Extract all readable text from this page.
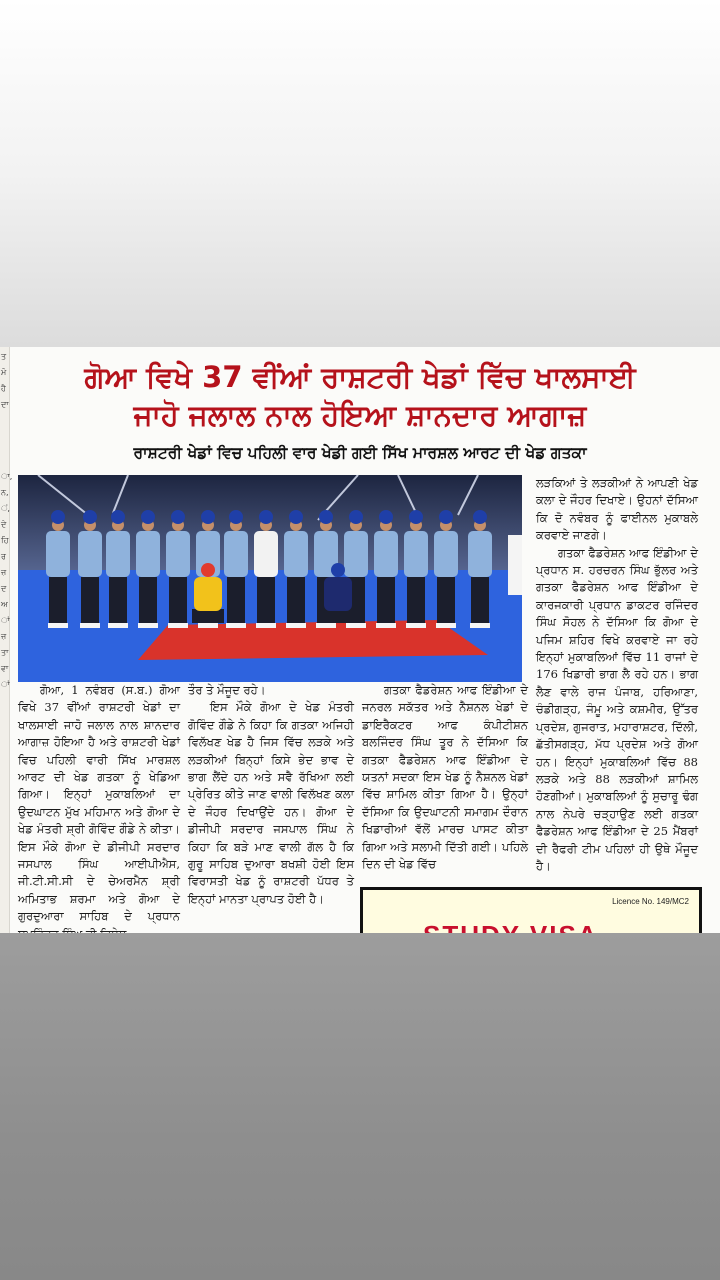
ਤ
ਮੋ
ਹੈ
ਦਾ
ਾ,
ਨ,
ਂ,
ਦੇ
ਹਿ
ਰ
ਜ਼
ਦ
ਅ
ਾਂ
ਜ਼
ਤਾ
ਵਾ
ਾਂ
ਗੋਆ ਵਿਖੇ 37 ਵੀਂਆਂ ਰਾਸ਼ਟਰੀ ਖੇਡਾਂ ਵਿੱਚ ਖਾਲਸਾਈ
ਜਾਹੋ ਜਲਾਲ ਨਾਲ ਹੋਇਆ ਸ਼ਾਨਦਾਰ ਆਗਾਜ਼
ਰਾਸ਼ਟਰੀ ਖੇਡਾਂ ਵਿਚ ਪਹਿਲੀ ਵਾਰ ਖੇਡੀ ਗਈ ਸਿੱਖ ਮਾਰਸ਼ਲ ਆਰਟ ਦੀ ਖੇਡ ਗਤਕਾ
ਗੋਆ, 1 ਨਵੰਬਰ (ਸ.ਬ.) ਗੋਆ ਵਿਖੇ 37 ਵੀਂਆਂ ਰਾਸ਼ਟਰੀ ਖੇਡਾਂ ਦਾ ਖਾਲਸਾਈ ਜਾਹੋ ਜਲਾਲ ਨਾਲ ਸ਼ਾਨਦਾਰ ਆਗਾਜ਼ ਹੋਇਆ ਹੈ ਅਤੇ ਰਾਸ਼ਟਰੀ ਖੇਡਾਂ ਵਿਚ ਪਹਿਲੀ ਵਾਰੀ ਸਿੱਖ ਮਾਰਸ਼ਲ ਆਰਟ ਦੀ ਖੇਡ ਗਤਕਾ ਨੂੰ ਖੇਡਿਆ ਗਿਆ। ਇਨ੍ਹਾਂ ਮੁਕਾਬਲਿਆਂ ਦਾ ਉਦਘਾਟਨ ਮੁੱਖ ਮਹਿਮਾਨ ਅਤੇ ਗੋਆ ਦੇ ਖੇਡ ਮੰਤਰੀ ਸ਼੍ਰੀ ਗੋਵਿੰਦ ਗੌਡੇ ਨੇ ਕੀਤਾ। ਇਸ ਮੌਕੇ ਗੋਆ ਦੇ ਡੀਜੀਪੀ ਸਰਦਾਰ ਜਸਪਾਲ ਸਿੰਘ ਆਈਪੀਐਸ, ਜੀ.ਟੀ.ਸੀ.ਸੀ ਦੇ ਚੇਅਰਮੈਨ ਸ਼੍ਰੀ ਅਮਿਤਾਭ ਸ਼ਰਮਾ ਅਤੇ ਗੋਆ ਦੇ ਗੁਰਦੁਆਰਾ ਸਾਹਿਬ ਦੇ ਪ੍ਰਧਾਨ
ਤੌਰ ਤੇ ਮੌਜੂਦ ਰਹੇ।
ਇਸ ਮੌਕੇ ਗੋਆ ਦੇ ਖੇਡ ਮੰਤਰੀ ਗੋਵਿੰਦ ਗੌਡੇ ਨੇ ਕਿਹਾ ਕਿ ਗਤਕਾ ਅਜਿਹੀ ਵਿਲੱਖਣ ਖੇਡ ਹੈ ਜਿਸ ਵਿੱਚ ਲੜਕੇ ਅਤੇ ਲੜਕੀਆਂ ਬਿਨ੍ਹਾਂ ਕਿਸੇ ਭੇਦ ਭਾਵ ਦੇ ਭਾਗ ਲੈਂਦੇ ਹਨ ਅਤੇ ਸਵੈ ਰੱਖਿਆ ਲਈ ਪ੍ਰੇਰਿਤ ਕੀਤੇ ਜਾਣ ਵਾਲੀ ਵਿਲੱਖਣ ਕਲਾ ਦੇ ਜੌਹਰ ਦਿਖਾਉਂਦੇ ਹਨ। ਗੋਆ ਦੇ ਡੀਜੀਪੀ ਸਰਦਾਰ ਜਸਪਾਲ ਸਿੰਘ ਨੇ ਕਿਹਾ ਕਿ ਬੜੇ ਮਾਣ ਵਾਲੀ ਗੱਲ ਹੈ ਕਿ ਗੁਰੂ ਸਾਹਿਬ ਦੁਆਰਾ ਬਖਸ਼ੀ ਹੋਈ ਇਸ ਵਿਰਾਸਤੀ ਖੇਡ ਨੂੰ ਰਾਸ਼ਟਰੀ ਪੱਧਰ ਤੇ ਇਨ੍ਹਾਂ ਮਾਨਤਾ ਪ੍ਰਾਪਤ ਹੋਈ ਹੈ।
ਗਤਕਾ ਫੈਡਰੇਸ਼ਨ ਆਫ ਇੰਡੀਆ ਦੇ ਜਨਰਲ ਸਕੱਤਰ ਅਤੇ ਨੈਸ਼ਨਲ ਖੇਡਾਂ ਦੇ ਡਾਇਰੈਕਟਰ ਆਫ ਕੰਪੀਟੀਸ਼ਨ ਬਲਜਿੰਦਰ ਸਿੰਘ ਤੂਰ ਨੇ ਦੱਸਿਆ ਕਿ ਗਤਕਾ ਫੈਡਰੇਸ਼ਨ ਆਫ ਇੰਡੀਆ ਦੇ ਯਤਨਾਂ ਸਦਕਾ ਇਸ ਖੇਡ ਨੂੰ ਨੈਸ਼ਨਲ ਖੇਡਾਂ ਵਿੱਚ ਸ਼ਾਮਿਲ ਕੀਤਾ ਗਿਆ ਹੈ। ਉਨ੍ਹਾਂ ਦੱਸਿਆ ਕਿ ਉਦਘਾਟਨੀ ਸਮਾਗਮ ਦੌਰਾਨ ਖਿਡਾਰੀਆਂ ਵੱਲੋਂ ਮਾਰਚ ਪਾਸਟ ਕੀਤਾ ਗਿਆ ਅਤੇ ਸਲਾਮੀ ਦਿੱਤੀ ਗਈ। ਪਹਿਲੇ ਦਿਨ ਦੀ ਖੇਡ ਵਿੱਚ
ਲੜਕਿਆਂ ਤੇ ਲੜਕੀਆਂ ਨੇ ਆਪਣੀ ਖੇਡ ਕਲਾ ਦੇ ਜੌਹਰ ਦਿਖਾਏ। ਉਹਨਾਂ ਦੱਸਿਆ ਕਿ ਦੋ ਨਵੰਬਰ ਨੂੰ ਫਾਈਨਲ ਮੁਕਾਬਲੇ ਕਰਵਾਏ ਜਾਣਗੇ।
ਗਤਕਾ ਫੈਡਰੇਸ਼ਨ ਆਫ ਇੰਡੀਆ ਦੇ ਪ੍ਰਧਾਨ ਸ. ਹਰਚਰਨ ਸਿੰਘ ਭੁੱਲਰ ਅਤੇ ਗਤਕਾ ਫੈਡਰੇਸ਼ਨ ਆਫ ਇੰਡੀਆ ਦੇ ਕਾਰਜਕਾਰੀ ਪ੍ਰਧਾਨ ਡਾਕਟਰ ਰਜਿੰਦਰ ਸਿੰਘ ਸੋਹਲ ਨੇ ਦੱਸਿਆ ਕਿ ਗੋਆ ਦੇ ਪਜਿਮ ਸ਼ਹਿਰ ਵਿਖੇ ਕਰਵਾਏ ਜਾ ਰਹੇ ਇਨ੍ਹਾਂ ਮੁਕਾਬਲਿਆਂ ਵਿੱਚ 11 ਰਾਜਾਂ ਦੇ 176 ਖਿਡਾਰੀ ਭਾਗ ਲੈ ਰਹੇ ਹਨ। ਭਾਗ ਲੈਣ ਵਾਲੇ ਰਾਜ ਪੰਜਾਬ, ਹਰਿਆਣਾ, ਚੰਡੀਗੜ੍ਹ, ਜੰਮੂ ਅਤੇ ਕਸ਼ਮੀਰ, ਉੱਤਰ ਪ੍ਰਦੇਸ਼, ਗੁਜਰਾਤ, ਮਹਾਰਾਸ਼ਟਰ, ਦਿੱਲੀ, ਛੱਤੀਸਗੜ੍ਹ, ਮੱਧ ਪ੍ਰਦੇਸ਼ ਅਤੇ ਗੋਆ ਹਨ। ਇਨ੍ਹਾਂ ਮੁਕਾਬਲਿਆਂ ਵਿੱਚ 88 ਲੜਕੇ ਅਤੇ 88 ਲੜਕੀਆਂ ਸ਼ਾਮਿਲ ਹੋਣਗੀਆਂ। ਮੁਕਾਬਲਿਆਂ ਨੂੰ ਸੁਚਾਰੂ ਢੰਗ ਨਾਲ ਨੇਪਰੇ ਚੜ੍ਹਾਉਣ ਲਈ ਗਤਕਾ ਫੈਡਰੇਸ਼ਨ ਆਫ ਇੰਡੀਆ ਦੇ 25 ਮੈਂਬਰਾਂ ਦੀ ਰੈਫਰੀ ਟੀਮ ਪਹਿਲਾਂ ਹੀ ਉਥੇ ਮੌਜੂਦ ਹੈ।
Licence No. 149/MC2
